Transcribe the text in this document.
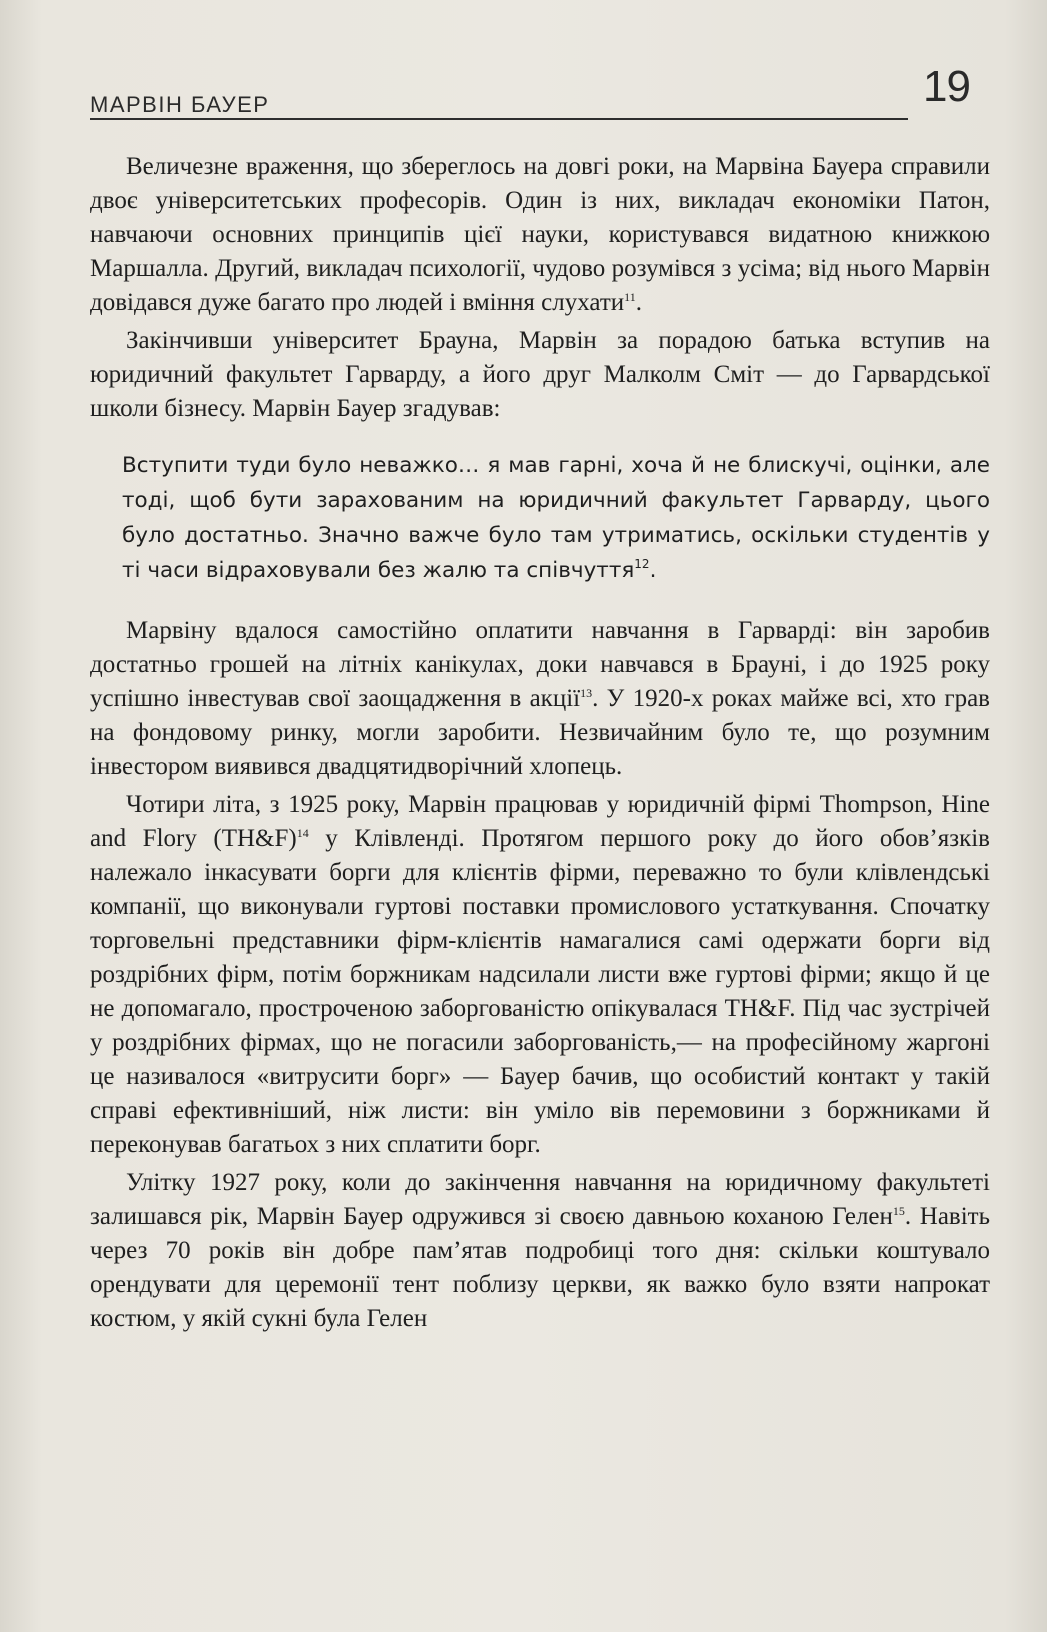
МАРВІН БАУЕР	19

Величезне враження, що збереглось на довгі роки, на Марвіна Бауера справили двоє університетських професорів. Один із них, викладач економіки Патон, навчаючи основних принципів цієї науки, користувався видатною книжкою Маршалла. Другий, викладач психології, чудово розумівся з усіма; від нього Марвін довідався дуже багато про людей і вміння слухати$^{11}$.

Закінчивши університет Брауна, Марвін за порадою батька вступив на юридичний факультет Гарварду, а його друг Малколм Сміт — до Гарвардської школи бізнесу. Марвін Бауер згадував:

Вступити туди було неважко… я мав гарні, хоча й не блискучі, оцінки, але тоді, щоб бути зарахованим на юридичний факультет Гарварду, цього було достатньо. Значно важче було там утриматись, оскільки студентів у ті часи відраховували без жалю та співчуття$^{12}$.

Марвіну вдалося самостійно оплатити навчання в Гарварді: він заробив достатньо грошей на літніх канікулах, доки навчався в Брауні, і до 1925 року успішно інвестував свої заощадження в акції$^{13}$. У 1920-х роках майже всі, хто грав на фондовому ринку, могли заробити. Незвичайним було те, що розумним інвестором виявився двадцятидворічний хлопець.

Чотири літа, з 1925 року, Марвін працював у юридичній фірмі Thompson, Hine and Flory (TH&F)$^{14}$ у Клівленді. Протягом першого року до його обов’язків належало інкасувати борги для клієнтів фірми, переважно то були клівлендські компанії, що виконували гуртові поставки промислового устаткування. Спочатку торговельні представники фірм-клієнтів намагалися самі одержати борги від роздрібних фірм, потім боржникам надсилали листи вже гуртові фірми; якщо й це не допомагало, простроченою заборгованістю опікувалася TH&F. Під час зустрічей у роздрібних фірмах, що не погасили заборгованість,— на професійному жаргоні це називалося «витрусити борг» — Бауер бачив, що особистий контакт у такій справі ефективніший, ніж листи: він уміло вів перемовини з боржниками й переконував багатьох з них сплатити борг.

Улітку 1927 року, коли до закінчення навчання на юридичному факультеті залишався рік, Марвін Бауер одружився зі своєю давньою коханою Гелен$^{15}$. Навіть через 70 років він добре пам’ятав подробиці того дня: скільки коштувало орендувати для церемонії тент поблизу церкви, як важко було взяти напрокат костюм, у якій сукні була Гелен
